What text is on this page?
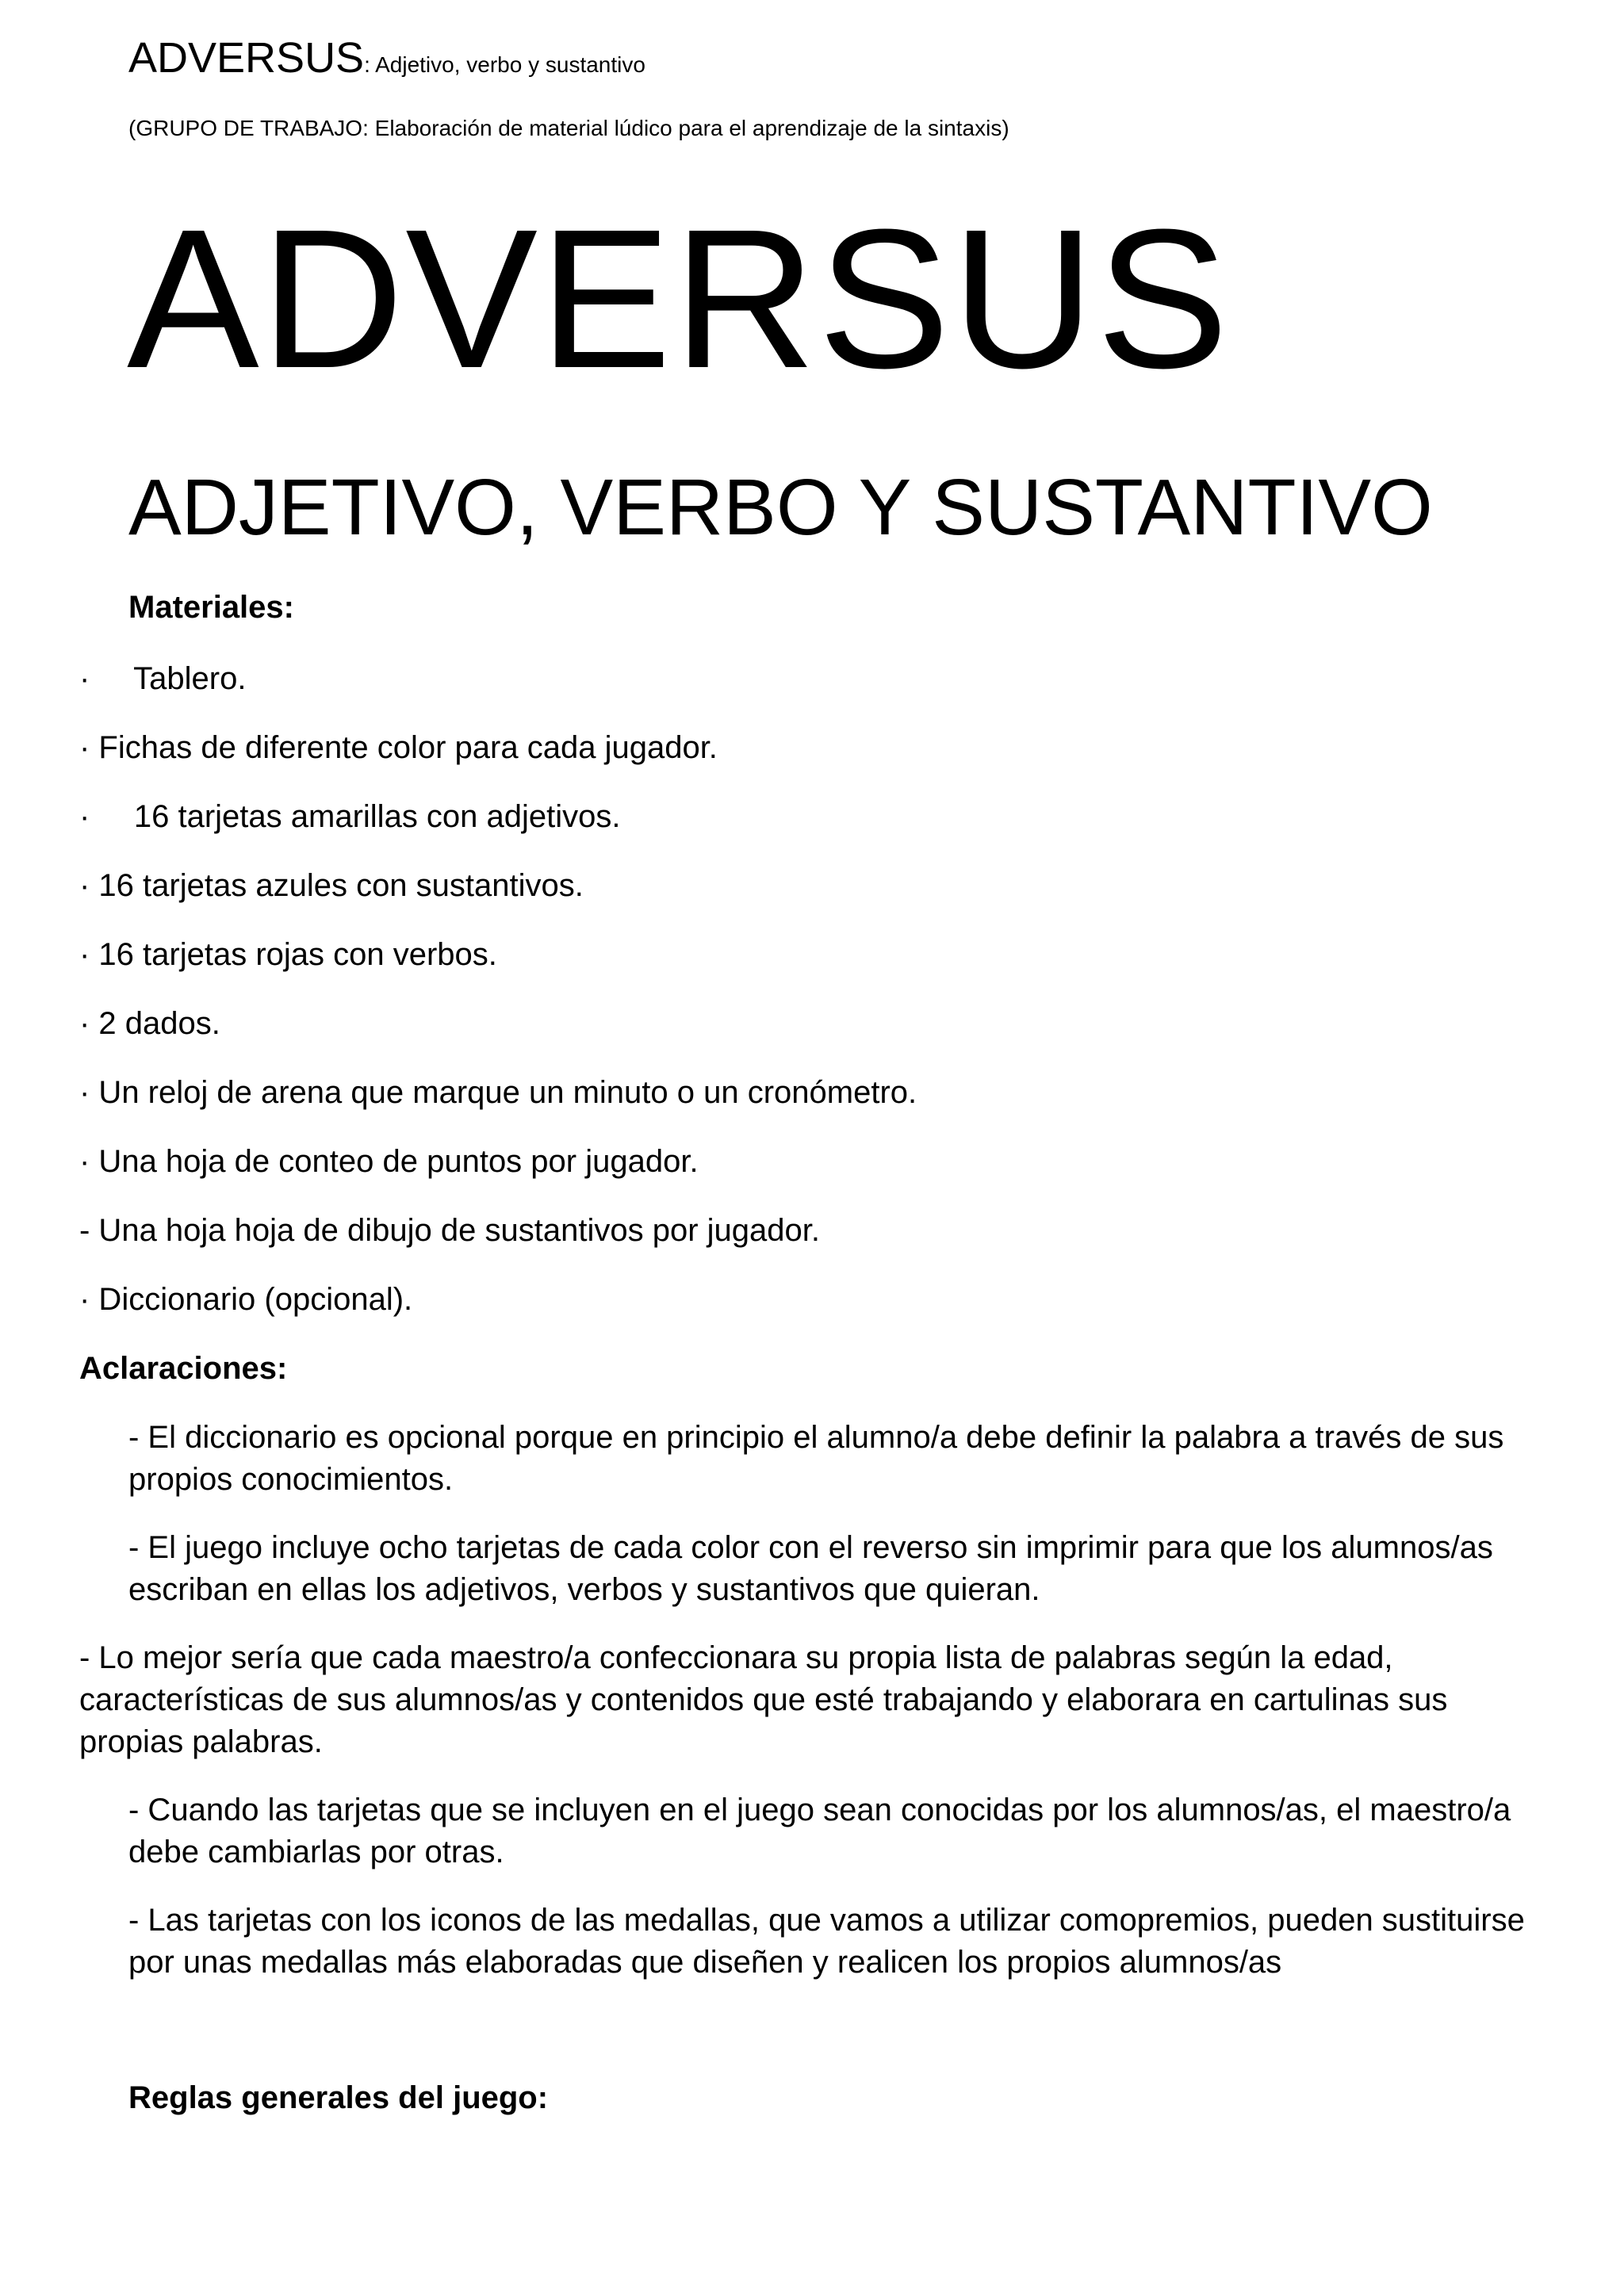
ADVERSUS: Adjetivo, verbo y sustantivo
(GRUPO DE TRABAJO: Elaboración de material lúdico para el aprendizaje de la sintaxis)
ADVERSUS
ADJETIVO, VERBO Y SUSTANTIVO
Materiales:
·     Tablero.
· Fichas de diferente color para cada jugador.
·     16 tarjetas amarillas con adjetivos.
· 16 tarjetas azules con sustantivos.
· 16 tarjetas rojas con verbos.
· 2 dados.
· Un reloj de arena que marque un minuto o un cronómetro.
· Una hoja de conteo de puntos por jugador.
- Una hoja hoja de dibujo de sustantivos por jugador.
· Diccionario (opcional).
Aclaraciones:
- El diccionario es opcional porque en principio el alumno/a debe definir la palabra a través de sus propios conocimientos.
- El juego incluye ocho tarjetas de cada color con el reverso sin imprimir para que los alumnos/as escriban en ellas los adjetivos, verbos y sustantivos que quieran.
- Lo mejor sería que cada maestro/a confeccionara su propia lista de palabras según la edad, características de sus alumnos/as y contenidos que esté trabajando y elaborara en cartulinas sus propias palabras.
- Cuando las tarjetas que se incluyen en el juego sean conocidas por los alumnos/as, el maestro/a debe cambiarlas por otras.
- Las tarjetas con los iconos de las medallas, que vamos a utilizar comopremios, pueden sustituirse por unas medallas más elaboradas que diseñen y realicen los propios alumnos/as
Reglas generales del juego:
